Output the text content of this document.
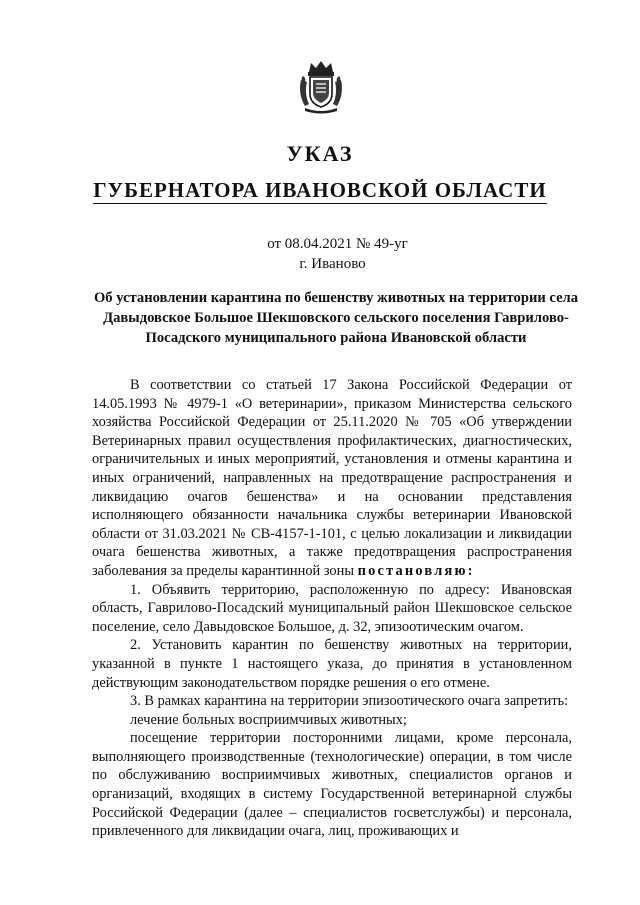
УКАЗ
ГУБЕРНАТОРА ИВАНОВСКОЙ ОБЛАСТИ
от 08.04.2021 № 49-уг
г. Иваново
Об установлении карантина по бешенству животных на территории села Давыдовское Большое Шекшовского сельского поселения Гаврилово-Посадского муниципального района Ивановской области

В соответствии со статьей 17 Закона Российской Федерации от 14.05.1993 № 4979-1 «О ветеринарии», приказом Министерства сельского хозяйства Российской Федерации от 25.11.2020 № 705 «Об утверждении Ветеринарных правил осуществления профилактических, диагностических, ограничительных и иных мероприятий, установления и отмены карантина и иных ограничений, направленных на предотвращение распространения и ликвидацию очагов бешенства» и на основании представления исполняющего обязанности начальника службы ветеринарии Ивановской области от 31.03.2021 № СВ-4157-1-101, с целью локализации и ликвидации очага бешенства животных, а также предотвращения распространения заболевания за пределы карантинной зоны постановляю:

1. Объявить территорию, расположенную по адресу: Ивановская область, Гаврилово-Посадский муниципальный район Шекшовское сельское поселение, село Давыдовское Большое, д. 32, эпизоотическим очагом.

2. Установить карантин по бешенству животных на территории, указанной в пункте 1 настоящего указа, до принятия в установленном действующим законодательством порядке решения о его отмене.

3. В рамках карантина на территории эпизоотического очага запретить:

лечение больных восприимчивых животных;

посещение территории посторонними лицами, кроме персонала, выполняющего производственные (технологические) операции, в том числе по обслуживанию восприимчивых животных, специалистов органов и организаций, входящих в систему Государственной ветеринарной службы Российской Федерации (далее – специалистов госветслужбы) и персонала, привлеченного для ликвидации очага, лиц, проживающих и
